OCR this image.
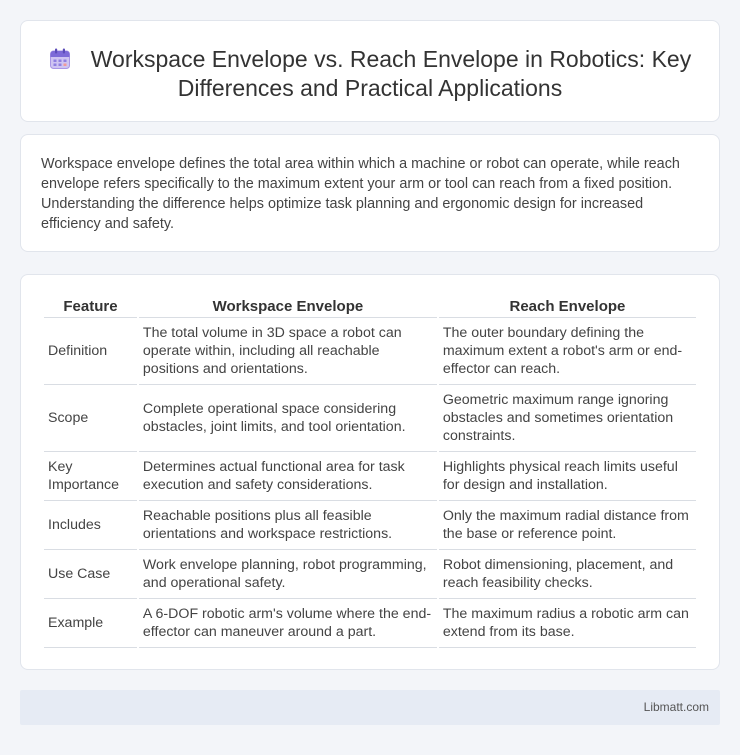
Workspace Envelope vs. Reach Envelope in Robotics: Key Differences and Practical Applications

Workspace envelope defines the total area within which a machine or robot can operate, while reach envelope refers specifically to the maximum extent your arm or tool can reach from a fixed position. Understanding the difference helps optimize task planning and ergonomic design for increased efficiency and safety.

Feature	Workspace Envelope	Reach Envelope
Definition	The total volume in 3D space a robot can operate within, including all reachable positions and orientations.	The outer boundary defining the maximum extent a robot's arm or end-effector can reach.
Scope	Complete operational space considering obstacles, joint limits, and tool orientation.	Geometric maximum range ignoring obstacles and sometimes orientation constraints.
Key Importance	Determines actual functional area for task execution and safety considerations.	Highlights physical reach limits useful for design and installation.
Includes	Reachable positions plus all feasible orientations and workspace restrictions.	Only the maximum radial distance from the base or reference point.
Use Case	Work envelope planning, robot programming, and operational safety.	Robot dimensioning, placement, and reach feasibility checks.
Example	A 6-DOF robotic arm's volume where the end-effector can maneuver around a part.	The maximum radius a robotic arm can extend from its base.
Libmatt.com
